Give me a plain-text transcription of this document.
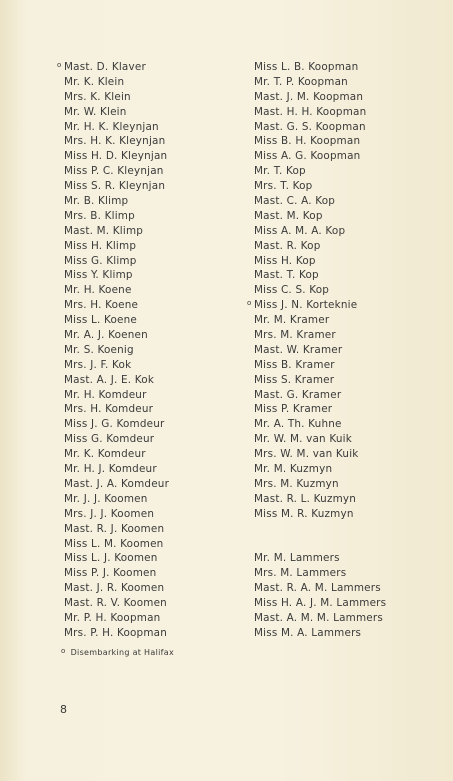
o Mast. D. Klaver
Mr. K. Klein
Mrs. K. Klein
Mr. W. Klein
Mr. H. K. Kleynjan
Mrs. H. K. Kleynjan
Miss H. D. Kleynjan
Miss P. C. Kleynjan
Miss S. R. Kleynjan
Mr. B. Klimp
Mrs. B. Klimp
Mast. M. Klimp
Miss H. Klimp
Miss G. Klimp
Miss Y. Klimp
Mr. H. Koene
Mrs. H. Koene
Miss L. Koene
Mr. A. J. Koenen
Mr. S. Koenig
Mrs. J. F. Kok
Mast. A. J. E. Kok
Mr. H. Komdeur
Mrs. H. Komdeur
Miss J. G. Komdeur
Miss G. Komdeur
Mr. K. Komdeur
Mr. H. J. Komdeur
Mast. J. A. Komdeur
Mr. J. J. Koomen
Mrs. J. J. Koomen
Mast. R. J. Koomen
Miss L. M. Koomen
Miss L. J. Koomen
Miss P. J. Koomen
Mast. J. R. Koomen
Mast. R. V. Koomen
Mr. P. H. Koopman
Mrs. P. H. Koopman
Miss L. B. Koopman
Mr. T. P. Koopman
Mast. J. M. Koopman
Mast. H. H. Koopman
Mast. G. S. Koopman
Miss B. H. Koopman
Miss A. G. Koopman
Mr. T. Kop
Mrs. T. Kop
Mast. C. A. Kop
Mast. M. Kop
Miss A. M. A. Kop
Mast. R. Kop
Miss H. Kop
Mast. T. Kop
Miss C. S. Kop
o Miss J. N. Korteknie
Mr. M. Kramer
Mrs. M. Kramer
Mast. W. Kramer
Miss B. Kramer
Miss S. Kramer
Mast. G. Kramer
Miss P. Kramer
Mr. A. Th. Kuhne
Mr. W. M. van Kuik
Mrs. W. M. van Kuik
Mr. M. Kuzmyn
Mrs. M. Kuzmyn
Mast. R. L. Kuzmyn
Miss M. R. Kuzmyn
Mr. M. Lammers
Mrs. M. Lammers
Mast. R. A. M. Lammers
Miss H. A. J. M. Lammers
Mast. A. M. M. Lammers
Miss M. A. Lammers
o Disembarking at Halifax
8
